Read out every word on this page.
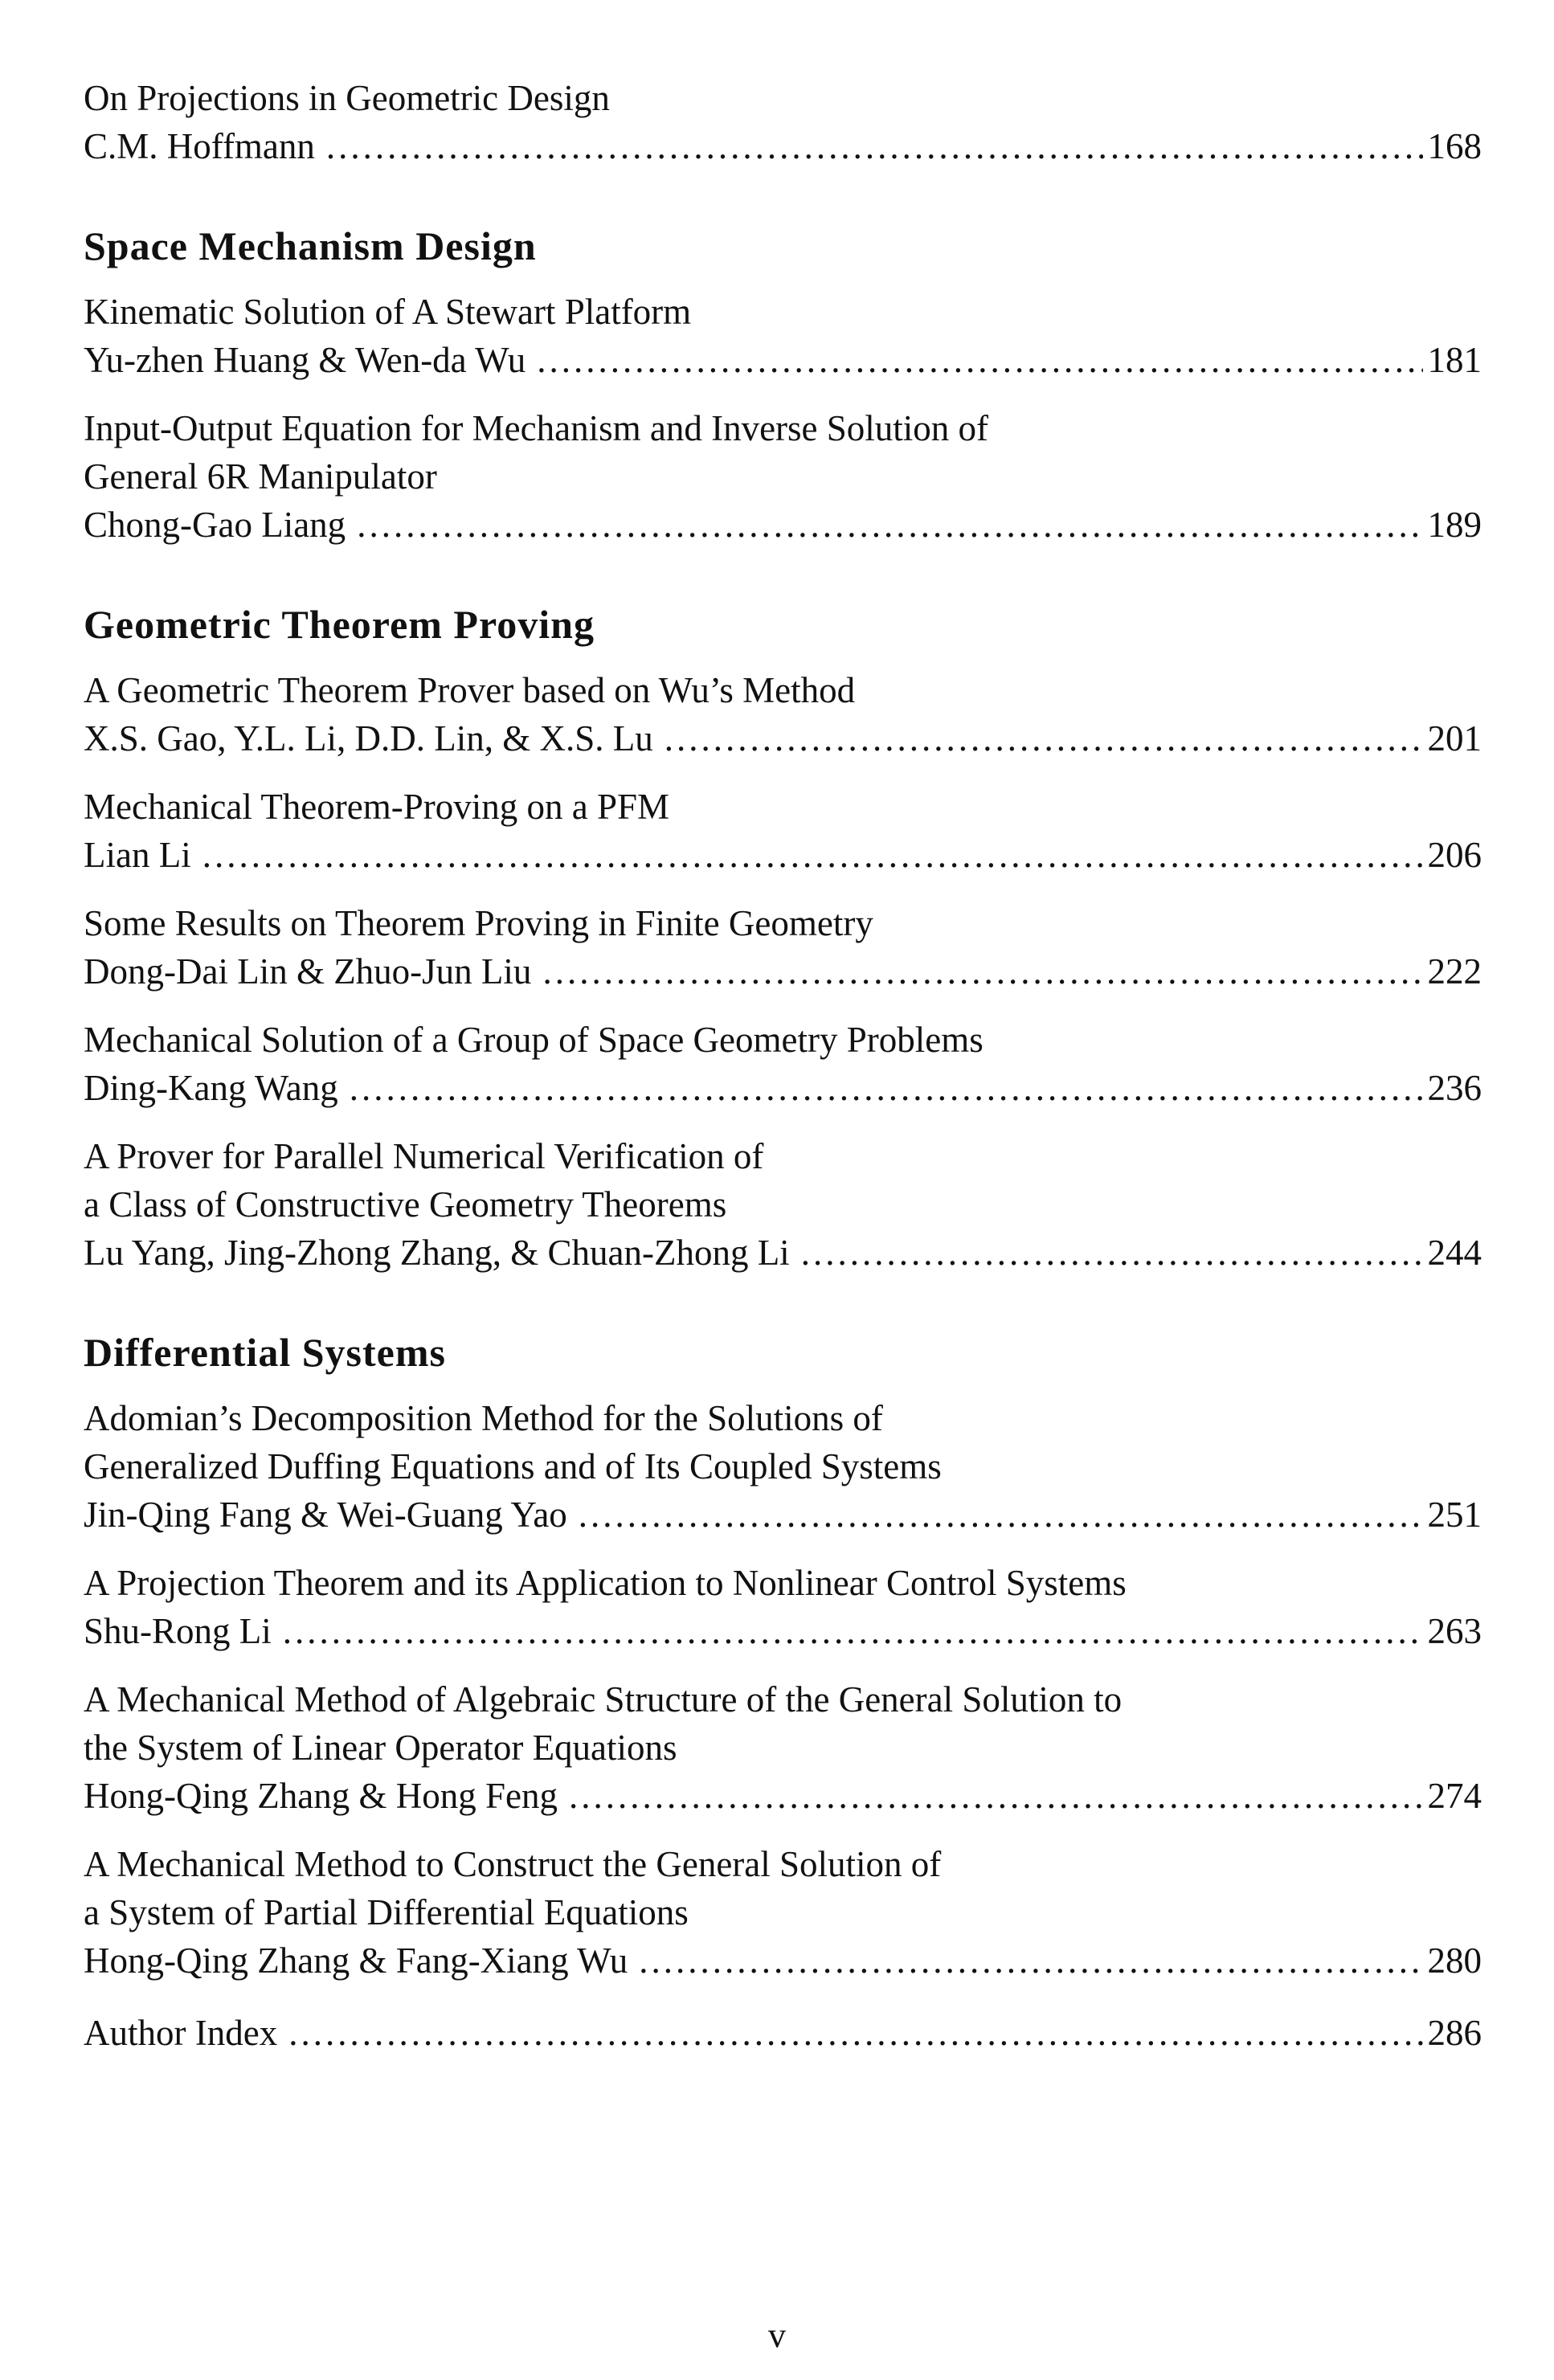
On Projections in Geometric Design
C.M. Hoffmann .....	168
Space Mechanism Design
Kinematic Solution of A Stewart Platform
Yu-zhen Huang & Wen-da Wu .....	181
Input-Output Equation for Mechanism and Inverse Solution of
General 6R Manipulator
Chong-Gao Liang .....	189
Geometric Theorem Proving
A Geometric Theorem Prover based on Wu’s Method
X.S. Gao, Y.L. Li, D.D. Lin, & X.S. Lu .....	201
Mechanical Theorem-Proving on a PFM
Lian Li .....	206
Some Results on Theorem Proving in Finite Geometry
Dong-Dai Lin & Zhuo-Jun Liu .....	222
Mechanical Solution of a Group of Space Geometry Problems
Ding-Kang Wang .....	236
A Prover for Parallel Numerical Verification of
a Class of Constructive Geometry Theorems
Lu Yang, Jing-Zhong Zhang, & Chuan-Zhong Li .....	244
Differential Systems
Adomian’s Decomposition Method for the Solutions of
Generalized Duffing Equations and of Its Coupled Systems
Jin-Qing Fang & Wei-Guang Yao .....	251
A Projection Theorem and its Application to Nonlinear Control Systems
Shu-Rong Li .....	263
A Mechanical Method of Algebraic Structure of the General Solution to
the System of Linear Operator Equations
Hong-Qing Zhang & Hong Feng .....	274
A Mechanical Method to Construct the General Solution of
a System of Partial Differential Equations
Hong-Qing Zhang & Fang-Xiang Wu .....	280
Author Index .....	286
v
